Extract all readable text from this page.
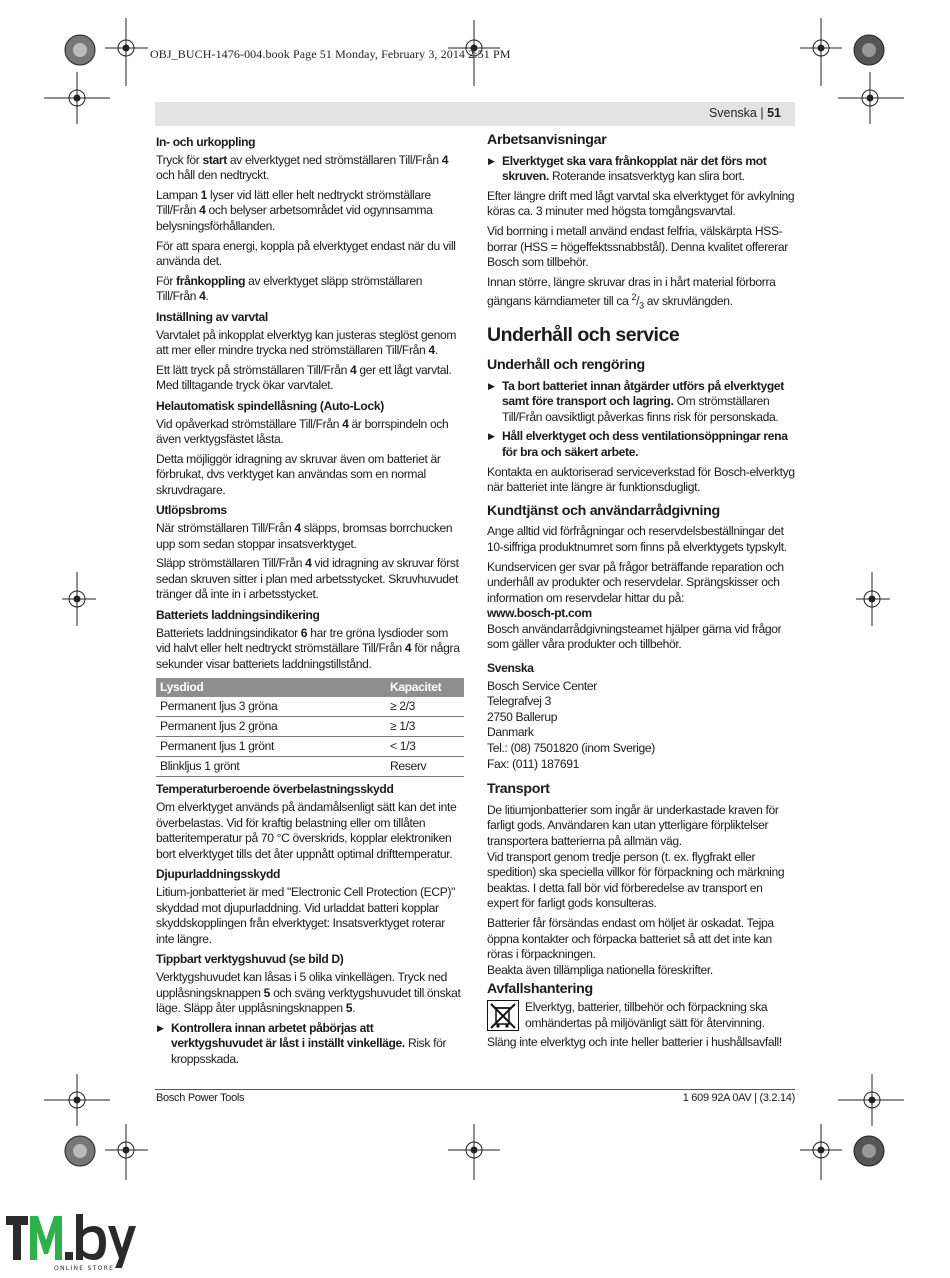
OBJ_BUCH-1476-004.book Page 51 Monday, February 3, 2014 2:51 PM
Svenska | 51
In- och urkoppling

Tryck för start av elverktyget ned strömställaren Till/Från 4 och håll den nedtryckt.

Lampan 1 lyser vid lätt eller helt nedtryckt strömställare Till/Från 4 och belyser arbetsområdet vid ogynnsamma belysningsförhållanden.

För att spara energi, koppla på elverktyget endast när du vill använda det.

För frånkoppling av elverktyget släpp strömställaren Till/Från 4.

Inställning av varvtal

Varvtalet på inkopplat elverktyg kan justeras steglöst genom att mer eller mindre trycka ned strömställaren Till/Från 4.

Ett lätt tryck på strömställaren Till/Från 4 ger ett lågt varvtal. Med tilltagande tryck ökar varvtalet.

Helautomatisk spindellåsning (Auto-Lock)

Vid opåverkad strömställare Till/Från 4 är borrspindeln och även verktygsfästet låsta.

Detta möjliggör idragning av skruvar även om batteriet är förbrukat, dvs verktyget kan användas som en normal skruvdragare.

Utlöpsbroms

När strömställaren Till/Från 4 släpps, bromsas borrchucken upp som sedan stoppar insatsverktyget.

Släpp strömställaren Till/Från 4 vid idragning av skruvar först sedan skruven sitter i plan med arbetsstycket. Skruvhuvudet tränger då inte in i arbetsstycket.

Batteriets laddningsindikering

Batteriets laddningsindikator 6 har tre gröna lysdioder som vid halvt eller helt nedtryckt strömställare Till/Från 4 för några sekunder visar batteriets laddningstillstånd.

Lysdiod	Kapacitet
Permanent ljus 3 gröna	≥ 2/3
Permanent ljus 2 gröna	≥ 1/3
Permanent ljus 1 grönt	< 1/3
Blinkljus 1 grönt	Reserv
Temperaturberoende överbelastningsskydd

Om elverktyget används på ändamålsenligt sätt kan det inte överbelastas. Vid för kraftig belastning eller om tillåten batteritemperatur på 70 °C överskrids, kopplar elektroniken bort elverktyget tills det åter uppnått optimal drifttemperatur.

Djupurladdningsskydd

Litium-jonbatteriet är med "Electronic Cell Protection (ECP)" skyddad mot djupurladdning. Vid urladdat batteri kopplar skyddskopplingen från elverktyget: Insatsverktyget roterar inte längre.

Tippbart verktygshuvud (se bild D)

Verktygshuvudet kan låsas i 5 olika vinkellägen. Tryck ned upplåsningsknappen 5 och sväng verktygshuvudet till önskat läge. Släpp åter upplåsningsknappen 5.

▶ Kontrollera innan arbetet påbörjas att verktygshuvudet är låst i inställt vinkelläge. Risk för kroppsskada.
Arbetsanvisningar
▶ Elverktyget ska vara frånkopplat när det förs mot skruven. Roterande insatsverktyg kan slira bort.

Efter längre drift med lågt varvtal ska elverktyget för avkylning köras ca. 3 minuter med högsta tomgångsvarvtal.

Vid borrning i metall använd endast felfria, välskärpta HSS-borrar (HSS = högeffektssnabbstål). Denna kvalitet offererar Bosch som tillbehör.

Innan större, längre skruvar dras in i hårt material förborra gängans kärndiameter till ca $^2/_3$ av skruvlängden.

Underhåll och service
Underhåll och rengöring
▶ Ta bort batteriet innan åtgärder utförs på elverktyget samt före transport och lagring. Om strömställaren Till/Från oavsiktligt påverkas finns risk för personskada.
▶ Håll elverktyget och dess ventilationsöppningar rena för bra och säkert arbete.

Kontakta en auktoriserad serviceverkstad för Bosch-elverktyg när batteriet inte längre är funktionsdugligt.

Kundtjänst och användarrådgivning

Ange alltid vid förfrågningar och reservdelsbeställningar det 10-siffriga produktnumret som finns på elverktygets typskylt.

Kundservicen ger svar på frågor beträffande reparation och underhåll av produkter och reservdelar. Sprängskisser och information om reservdelar hittar du på:

www.bosch-pt.com

Bosch användarrådgivningsteamet hjälper gärna vid frågor som gäller våra produkter och tillbehör.

Svenska

Bosch Service Center

Telegrafvej 3

2750 Ballerup

Danmark

Tel.: (08) 7501820 (inom Sverige)

Fax: (011) 187691

Transport

De litiumjonbatterier som ingår är underkastade kraven för farligt gods. Användaren kan utan ytterligare förpliktelser transportera batterierna på allmän väg.

Vid transport genom tredje person (t. ex. flygfrakt eller spedition) ska speciella villkor för förpackning och märkning beaktas. I detta fall bör vid förberedelse av transport en expert för farligt gods konsulteras.

Batterier får försändas endast om höljet är oskadat. Tejpa öppna kontakter och förpacka batteriet så att det inte kan röras i förpackningen.

Beakta även tillämpliga nationella föreskrifter.

Avfallshantering
Elverktyg, batterier, tillbehör och förpackning ska omhändertas på miljövänligt sätt för återvinning.

Släng inte elverktyg och inte heller batterier i hushållsavfall!

Bosch Power Tools	1 609 92A 0AV | (3.2.14)
ONLINE STORE
